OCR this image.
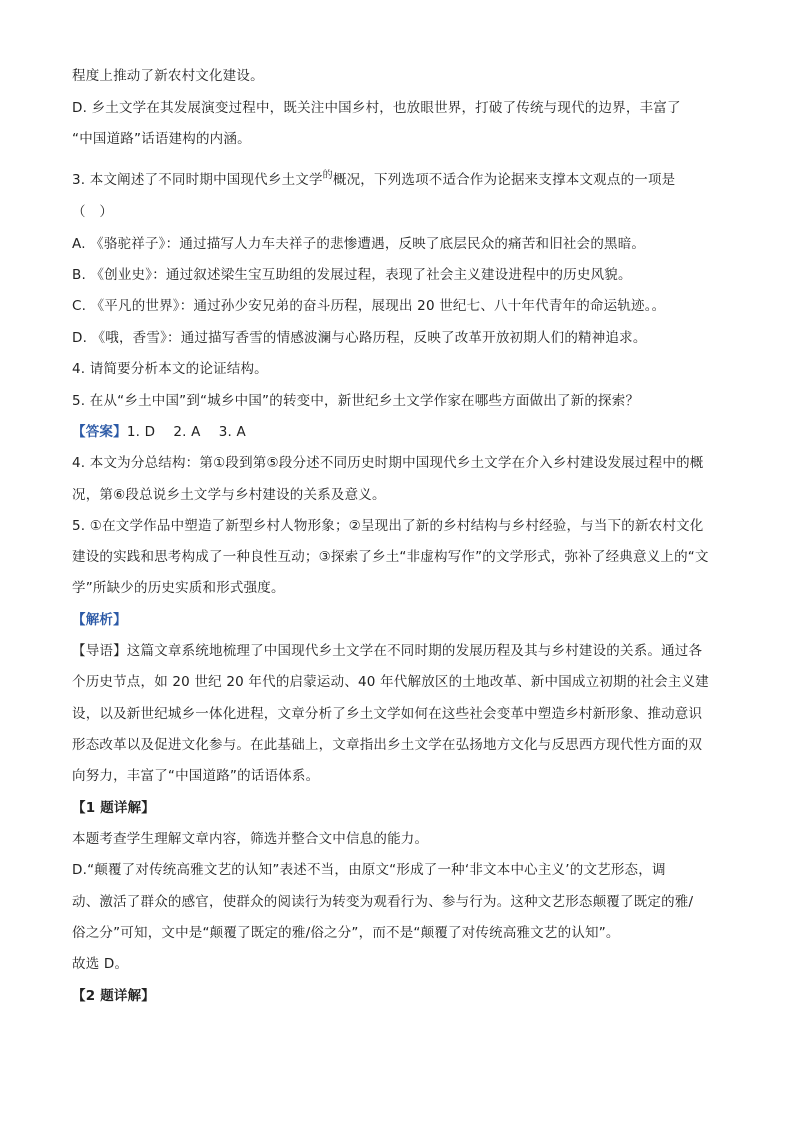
程度上推动了新农村文化建设。
D. 乡土文学在其发展演变过程中，既关注中国乡村，也放眼世界，打破了传统与现代的边界，丰富了
“中国道路”话语建构的内涵。
3. 本文阐述了不同时期中国现代乡土文学$^的$概况，下列选项不适合作为论据来支撑本文观点的一项是
（　）
A. 《骆驼祥子》：通过描写人力车夫祥子的悲惨遭遇，反映了底层民众的痛苦和旧社会的黑暗。
B. 《创业史》：通过叙述梁生宝互助组的发展过程，表现了社会主义建设进程中的历史风貌。
C. 《平凡的世界》：通过孙少安兄弟的奋斗历程，展现出 20 世纪七、八十年代青年的命运轨迹。。
D. 《哦，香雪》：通过描写香雪的情感波澜与心路历程，反映了改革开放初期人们的精神追求。
4. 请简要分析本文的论证结构。
5. 在从“乡土中国”到“城乡中国”的转变中，新世纪乡土文学作家在哪些方面做出了新的探索？
【答案】1. D　 2. A　 3. A
4. 本文为分总结构：第①段到第⑤段分述不同历史时期中国现代乡土文学在介入乡村建设发展过程中的概
况，第⑥段总说乡土文学与乡村建设的关系及意义。
5. ①在文学作品中塑造了新型乡村人物形象；②呈现出了新的乡村结构与乡村经验，与当下的新农村文化
建设的实践和思考构成了一种良性互动；③探索了乡土“非虚构写作”的文学形式，弥补了经典意义上的“文
学”所缺少的历史实质和形式强度。
【解析】
【导语】这篇文章系统地梳理了中国现代乡土文学在不同时期的发展历程及其与乡村建设的关系。通过各
个历史节点，如 20 世纪 20 年代的启蒙运动、40 年代解放区的土地改革、新中国成立初期的社会主义建
设，以及新世纪城乡一体化进程，文章分析了乡土文学如何在这些社会变革中塑造乡村新形象、推动意识
形态改革以及促进文化参与。在此基础上，文章指出乡土文学在弘扬地方文化与反思西方现代性方面的双
向努力，丰富了“中国道路”的话语体系。
【1 题详解】
本题考查学生理解文章内容，筛选并整合文中信息的能力。
D.“颠覆了对传统高雅文艺的认知”表述不当，由原文“形成了一种‘非文本中心主义’的文艺形态，调
动、激活了群众的感官，使群众的阅读行为转变为观看行为、参与行为。这种文艺形态颠覆了既定的雅/
俗之分”可知，文中是“颠覆了既定的雅/俗之分”，而不是“颠覆了对传统高雅文艺的认知”。
故选 D。
【2 题详解】
